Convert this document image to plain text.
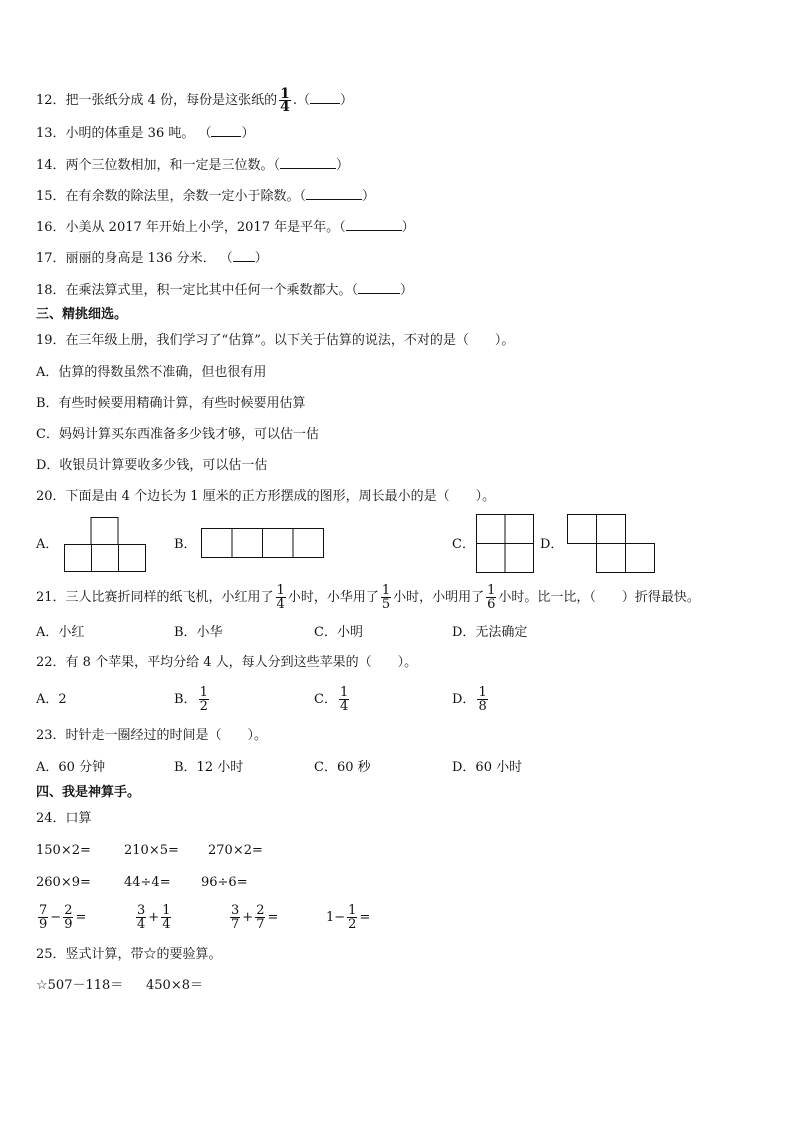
12．把一张纸分成 4 份，每份是这张纸的 $\frac{1}{4}$ .（ ）
13．小明的体重是 36 吨。 （ ）
14．两个三位数相加，和一定是三位数。（	）
15．在有余数的除法里，余数一定小于除数。（	）
16．小美从 2017 年开始上小学，2017 年是平年。（	）
17．丽丽的身高是 136 分米． （ ）
18．在乘法算式里，积一定比其中任何一个乘数都大。（	）
三、精挑细选。
19．在三年级上册，我们学习了“估算”。以下关于估算的说法，不对的是（　　）。
A．估算的得数虽然不准确，但也很有用
B．有些时候要用精确计算，有些时候要用估算
C．妈妈计算买东西准备多少钱才够，可以估一估
D．收银员计算要收多少钱，可以估一估
20．下面是由 4 个边长为 1 厘米的正方形摆成的图形，周长最小的是（　　）。
A．	B．	C．	D．
21．三人比赛折同样的纸飞机，小红用了 $\frac{1}{4}$ 小时，小华用了 $\frac{1}{5}$ 小时，小明用了 $\frac{1}{6}$ 小时。比一比，（　　）折得最快。
A．小红	B．小华	C．小明	D．无法确定
22．有 8 个苹果，平均分给 4 人，每人分到这些苹果的（　　）。
A．2	B． $\frac{1}{2}$	C． $\frac{1}{4}$	D． $\frac{1}{8}$
23．时针走一圈经过的时间是（　　）。
A．60 分钟	B．12 小时	C．60 秒	D．60 小时
四、我是神算手。
24．口算
150×2=	210×5= 270×2=
260×9=	44÷4= 96÷6=
$\frac{7}{9} - \frac{2}{9}$ =	$\frac{3}{4} + \frac{1}{4}$	$\frac{3}{7} + \frac{2}{7}$ =	$1- \frac{1}{2}$ =
25．竖式计算，带☆的要验算。
☆507－118＝ 450×8＝
